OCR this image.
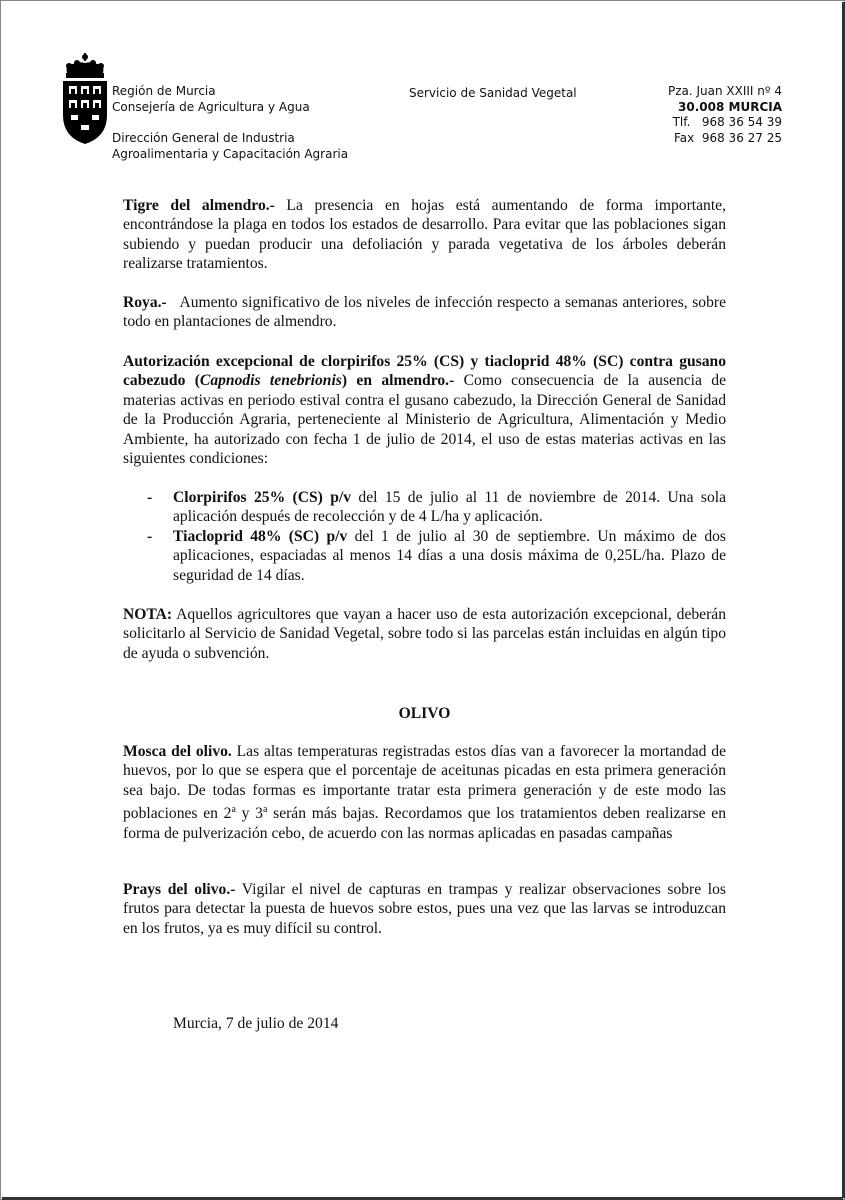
Región de Murcia
Consejería de Agricultura y Agua
Dirección General de Industria
Agroalimentaria y Capacitación Agraria
Servicio de Sanidad Vegetal	Pza. Juan XXIII nº 4
30.008 MURCIA
Tlf.   968 36 54 39
Fax  968 36 27 25

Tigre del almendro.- La presencia en hojas está aumentando de forma importante, encontrándose la plaga en todos los estados de desarrollo. Para evitar que las poblaciones sigan subiendo y puedan producir una defoliación y parada vegetativa de los árboles deberán realizarse tratamientos.

Roya.-   Aumento significativo de los niveles de infección respecto a semanas anteriores, sobre todo en plantaciones de almendro.

Autorización excepcional de clorpirifos 25% (CS) y tiacloprid 48% (SC) contra gusano cabezudo (Capnodis tenebrionis) en almendro.- Como consecuencia de la ausencia de materias activas en periodo estival contra el gusano cabezudo, la Dirección General de Sanidad de la Producción Agraria, perteneciente al Ministerio de Agricultura, Alimentación y Medio Ambiente, ha autorizado con fecha 1 de julio de 2014, el uso de estas materias activas en las siguientes condiciones:

- Clorpirifos 25% (CS) p/v del 15 de julio al 11 de noviembre de 2014. Una sola aplicación después de recolección y de 4 L/ha y aplicación.

- Tiacloprid 48% (SC) p/v del 1 de julio al 30 de septiembre. Un máximo de dos aplicaciones, espaciadas al menos 14 días a una dosis máxima de 0,25L/ha. Plazo de seguridad de 14 días.

NOTA: Aquellos agricultores que vayan a hacer uso de esta autorización excepcional, deberán solicitarlo al Servicio de Sanidad Vegetal, sobre todo si las parcelas están incluidas en algún tipo de ayuda o subvención.

OLIVO

Mosca del olivo. Las altas temperaturas registradas estos días van a favorecer la mortandad de huevos, por lo que se espera que el porcentaje de aceitunas picadas en esta primera generación sea bajo. De todas formas es importante tratar esta primera generación y de este modo las poblaciones en 2$^a$ y 3$^a$ serán más bajas. Recordamos que los tratamientos deben realizarse en forma de pulverización cebo, de acuerdo con las normas aplicadas en pasadas campañas

Prays del olivo.- Vigilar el nivel de capturas en trampas y realizar observaciones sobre los frutos para detectar la puesta de huevos sobre estos, pues una vez que las larvas se introduzcan en los frutos, ya es muy difícil su control.

Murcia, 7 de julio de 2014
